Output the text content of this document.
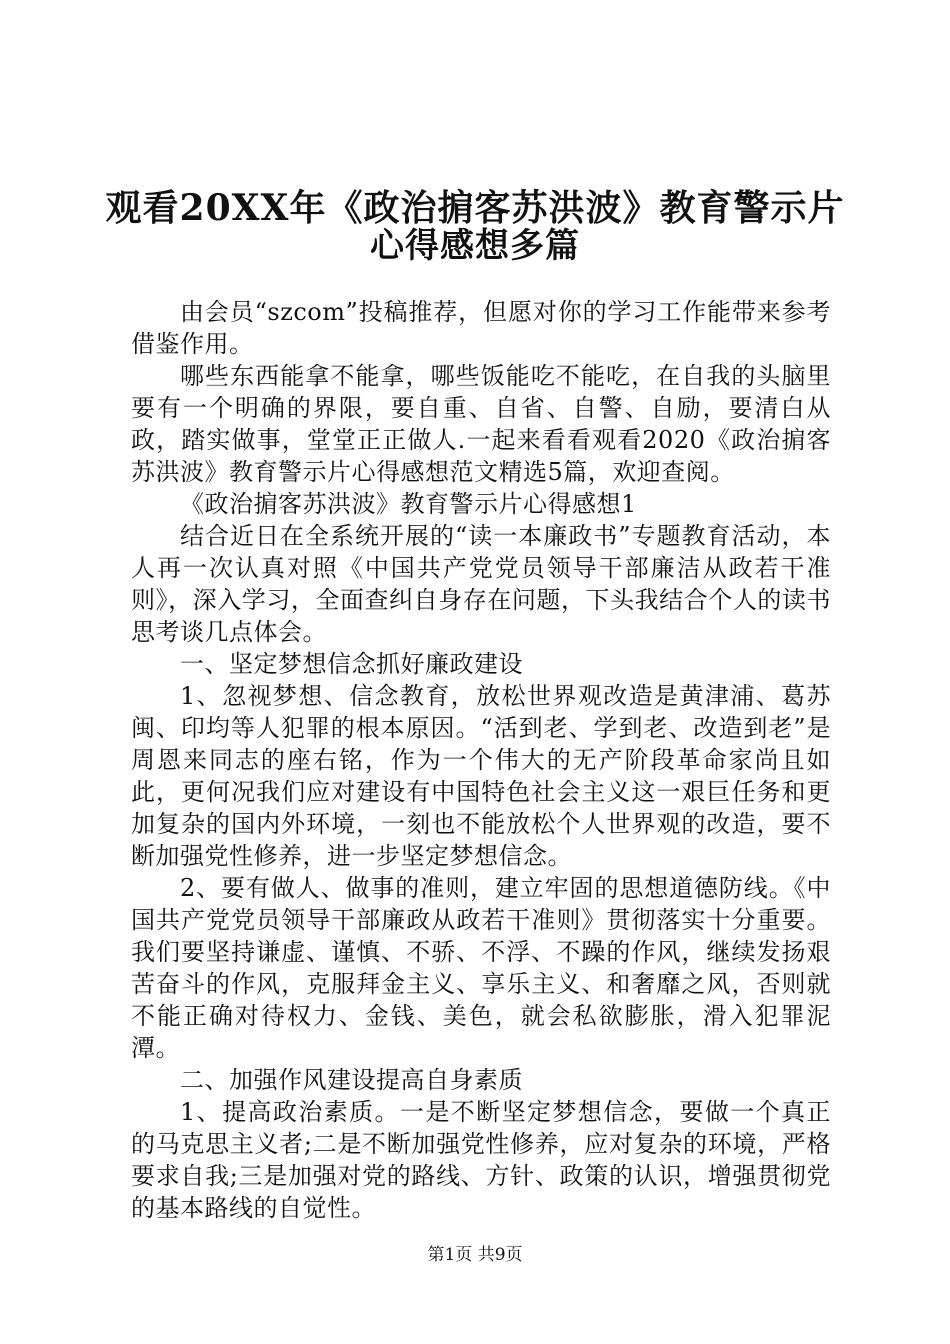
观看20XX年《政治掮客苏洪波》教育警示片
心得感想多篇

由会员“szcom”投稿推荐，但愿对你的学习工作能带来参考借鉴作用。

哪些东西能拿不能拿，哪些饭能吃不能吃，在自我的头脑里要有一个明确的界限，要自重、自省、自警、自励，要清白从政，踏实做事，堂堂正正做人.一起来看看观看2020《政治掮客苏洪波》教育警示片心得感想范文精选5篇，欢迎查阅。

《政治掮客苏洪波》教育警示片心得感想1

结合近日在全系统开展的“读一本廉政书”专题教育活动，本人再一次认真对照《中国共产党党员领导干部廉洁从政若干准则》，深入学习，全面查纠自身存在问题，下头我结合个人的读书思考谈几点体会。

一、坚定梦想信念抓好廉政建设

1、忽视梦想、信念教育，放松世界观改造是黄津浦、葛苏闽、印均等人犯罪的根本原因。“活到老、学到老、改造到老”是周恩来同志的座右铭，作为一个伟大的无产阶段革命家尚且如此，更何况我们应对建设有中国特色社会主义这一艰巨任务和更加复杂的国内外环境，一刻也不能放松个人世界观的改造，要不断加强党性修养，进一步坚定梦想信念。

2、要有做人、做事的准则，建立牢固的思想道德防线。《中国共产党党员领导干部廉政从政若干准则》贯彻落实十分重要。我们要坚持谦虚、谨慎、不骄、不浮、不躁的作风，继续发扬艰苦奋斗的作风，克服拜金主义、享乐主义、和奢靡之风，否则就不能正确对待权力、金钱、美色，就会私欲膨胀，滑入犯罪泥潭。

二、加强作风建设提高自身素质

1、提高政治素质。一是不断坚定梦想信念，要做一个真正的马克思主义者;二是不断加强党性修养，应对复杂的环境，严格要求自我;三是加强对党的路线、方针、政策的认识，增强贯彻党的基本路线的自觉性。

第1页 共9页
